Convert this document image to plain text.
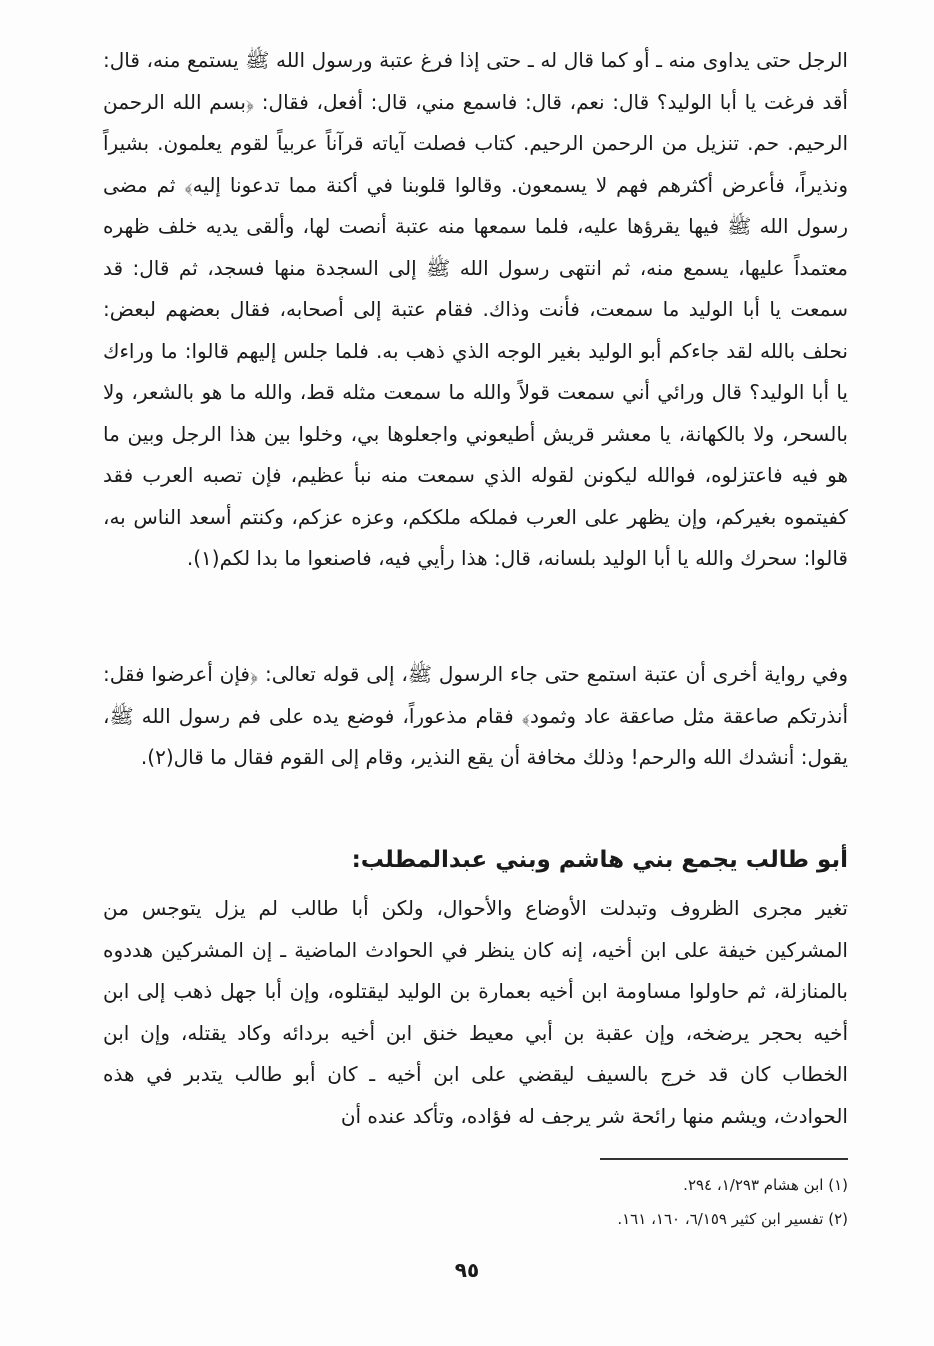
الرجل حتى يداوى منه ـ أو كما قال له ـ حتى إذا فرغ عتبة ورسول الله ﷺ يستمع منه، قال: أقد فرغت يا أبا الوليد؟ قال: نعم، قال: فاسمع مني، قال: أفعل، فقال: ﴿بسم الله الرحمن الرحيم. حم. تنزيل من الرحمن الرحيم. كتاب فصلت آياته قرآناً عربياً لقوم يعلمون. بشيراً ونذيراً، فأعرض أكثرهم فهم لا يسمعون. وقالوا قلوبنا في أكنة مما تدعونا إليه﴾ ثم مضى رسول الله ﷺ فيها يقرؤها عليه، فلما سمعها منه عتبة أنصت لها، وألقى يديه خلف ظهره معتمداً عليها، يسمع منه، ثم انتهى رسول الله ﷺ إلى السجدة منها فسجد، ثم قال: قد سمعت يا أبا الوليد ما سمعت، فأنت وذاك. فقام عتبة إلى أصحابه، فقال بعضهم لبعض: نحلف بالله لقد جاءكم أبو الوليد بغير الوجه الذي ذهب به. فلما جلس إليهم قالوا: ما وراءك يا أبا الوليد؟ قال ورائي أني سمعت قولاً والله ما سمعت مثله قط، والله ما هو بالشعر، ولا بالسحر، ولا بالكهانة، يا معشر قريش أطيعوني واجعلوها بي، وخلوا بين هذا الرجل وبين ما هو فيه فاعتزلوه، فوالله ليكونن لقوله الذي سمعت منه نبأ عظيم، فإن تصبه العرب فقد كفيتموه بغيركم، وإن يظهر على العرب فملكه ملككم، وعزه عزكم، وكنتم أسعد الناس به، قالوا: سحرك والله يا أبا الوليد بلسانه، قال: هذا رأيي فيه، فاصنعوا ما بدا لكم(١).

وفي رواية أخرى أن عتبة استمع حتى جاء الرسول ﷺ، إلى قوله تعالى: ﴿فإن أعرضوا فقل: أنذرتكم صاعقة مثل صاعقة عاد وثمود﴾ فقام مذعوراً، فوضع يده على فم رسول الله ﷺ، يقول: أنشدك الله والرحم! وذلك مخافة أن يقع النذير، وقام إلى القوم فقال ما قال(٢).

أبو طالب يجمع بني هاشم وبني عبدالمطلب:

تغير مجرى الظروف وتبدلت الأوضاع والأحوال، ولكن أبا طالب لم يزل يتوجس من المشركين خيفة على ابن أخيه، إنه كان ينظر في الحوادث الماضية ـ إن المشركين هددوه بالمنازلة، ثم حاولوا مساومة ابن أخيه بعمارة بن الوليد ليقتلوه، وإن أبا جهل ذهب إلى ابن أخيه بحجر يرضخه، وإن عقبة بن أبي معيط خنق ابن أخيه بردائه وكاد يقتله، وإن ابن الخطاب كان قد خرج بالسيف ليقضي على ابن أخيه ـ كان أبو طالب يتدبر في هذه الحوادث، ويشم منها رائحة شر يرجف له فؤاده، وتأكد عنده أن

(١) ابن هشام ١/٢٩٣، ٢٩٤.
(٢) تفسير ابن كثير ٦/١٥٩، ١٦٠، ١٦١.
٩٥
